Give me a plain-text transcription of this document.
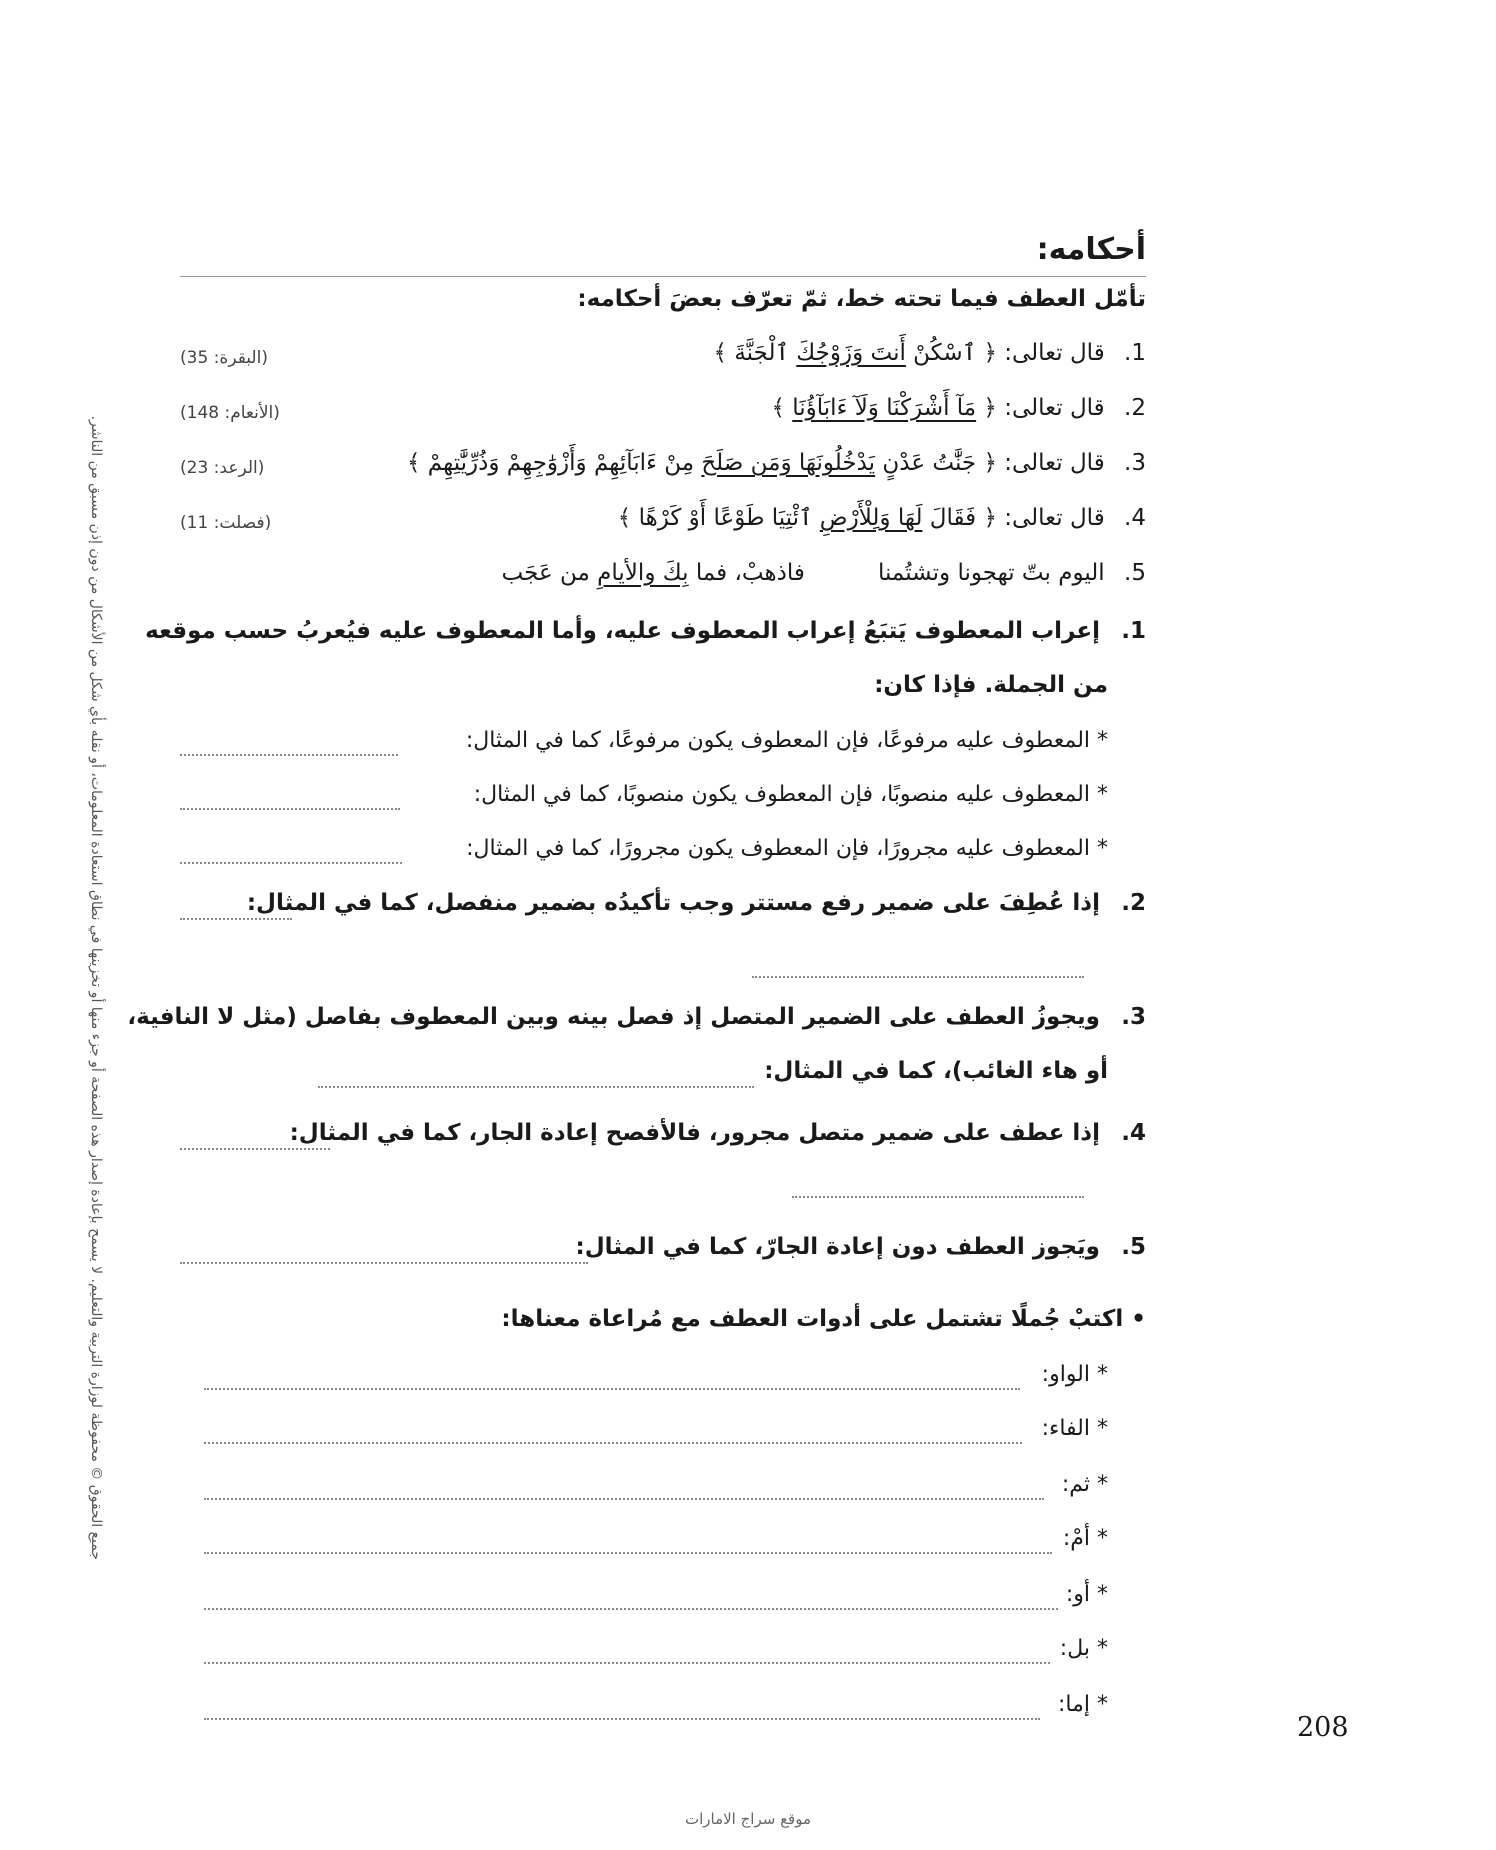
جميع الحقوق © محفوظة لوزارة التربية والتعليم. لا يسمح بإعادة إصدار هذه الصفحة أو جزء منها أو تخزينها في نطاق استعادة المعلومات، أو نقله بأي شكل من الأشكال من دون إذن مسبق من الناشر.
أحكامه:
تأمّل العطف فيما تحته خط، ثمّ تعرّف بعضَ أحكامه:
1. قال تعالى: ﴿ ٱسْكُنْ أَنتَ وَزَوْجُكَ ٱلْجَنَّةَ ﴾
(البقرة: 35)
2. قال تعالى: ﴿ مَآ أَشْرَكْنَا وَلَآ ءَابَآؤُنَا ﴾
(الأنعام: 148)
3. قال تعالى: ﴿ جَنَّٰتُ عَدْنٍ يَدْخُلُونَهَا وَمَن صَلَحَ مِنْ ءَابَآئِهِمْ وَأَزْوَٰجِهِمْ وَذُرِّيَّٰتِهِمْ ﴾
(الرعد: 23)
4. قال تعالى: ﴿ فَقَالَ لَهَا وَلِلْأَرْضِ ٱئْتِيَا طَوْعًا أَوْ كَرْهًا ﴾
(فصلت: 11)
5. اليوم بتّ تهجونا وتشتُمنا          فاذهبْ، فما بِكَ والأيامِ من عَجَب
1. إعراب المعطوف يَتبَعُ إعراب المعطوف عليه، وأما المعطوف عليه فيُعربُ حسب موقعه
من الجملة. فإذا كان:
* المعطوف عليه مرفوعًا، فإن المعطوف يكون مرفوعًا، كما في المثال:
* المعطوف عليه منصوبًا، فإن المعطوف يكون منصوبًا، كما في المثال:
* المعطوف عليه مجرورًا، فإن المعطوف يكون مجرورًا، كما في المثال:
2. إذا عُطِفَ على ضمير رفع مستتر وجب تأكيدُه بضمير منفصل، كما في المثال:
3. ويجوزُ العطف على الضمير المتصل إذ فصل بينه وبين المعطوف بفاصل (مثل لا النافية،
أو هاء الغائب)، كما في المثال:
4. إذا عطف على ضمير متصل مجرور، فالأفصح إعادة الجار، كما في المثال:
5. ويَجوز العطف دون إعادة الجارّ، كما في المثال:
• اكتبْ جُملًا تشتمل على أدوات العطف مع مُراعاة معناها:
* الواو:
* الفاء:
* ثم:
* أمْ:
* أو:
* بل:
* إما:
208
موقع سراج الامارات
